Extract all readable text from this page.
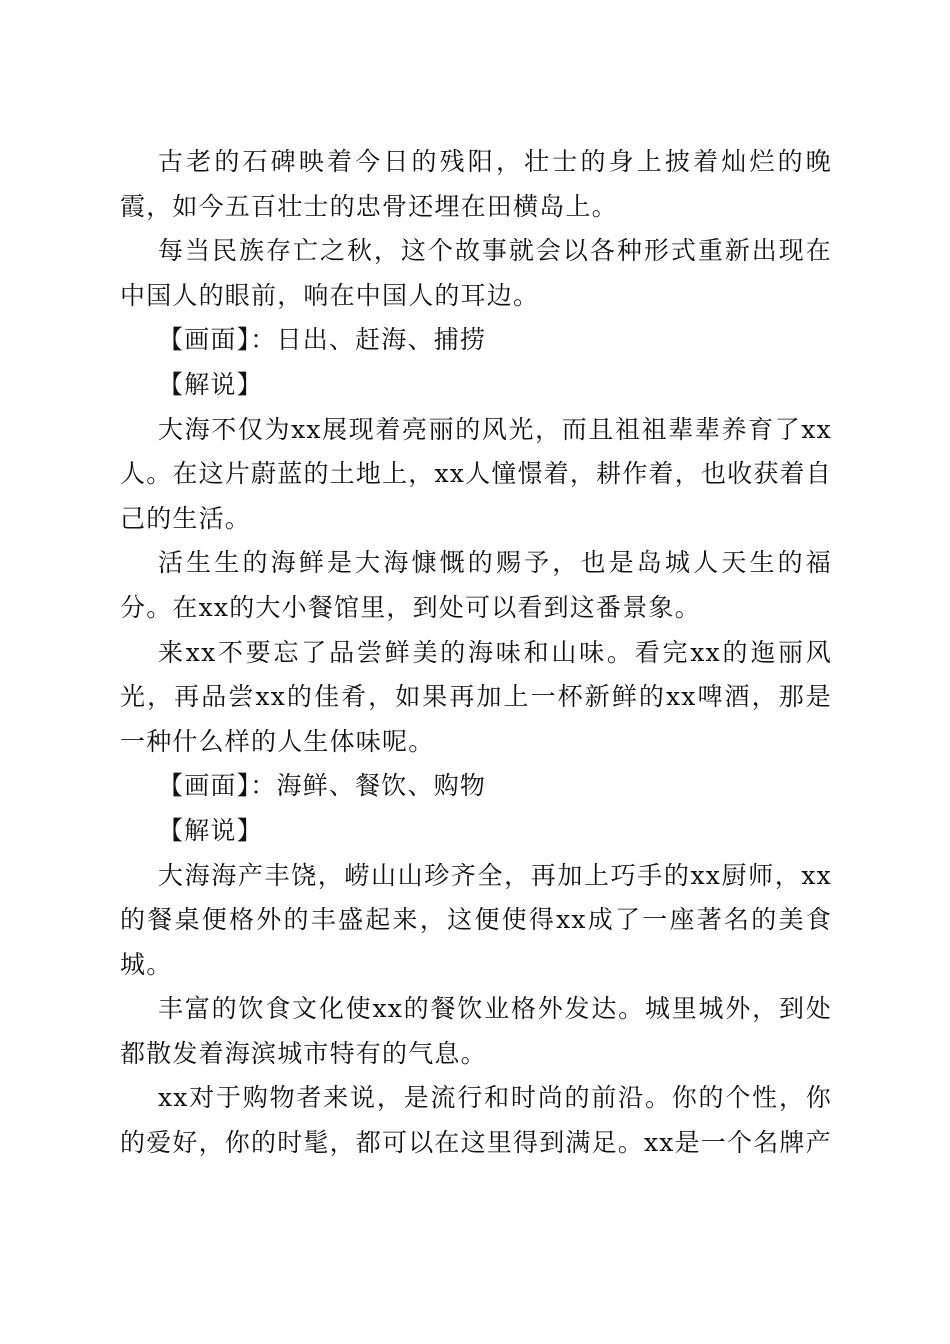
古老的石碑映着今日的残阳，壮士的身上披着灿烂的晚霞，如今五百壮士的忠骨还埋在田横岛上。

每当民族存亡之秋，这个故事就会以各种形式重新出现在中国人的眼前，响在中国人的耳边。

【画面】：日出、赶海、捕捞

【解说】

大海不仅为xx展现着亮丽的风光，而且祖祖辈辈养育了xx人。在这片蔚蓝的土地上，xx人憧憬着，耕作着，也收获着自己的生活。

活生生的海鲜是大海慷慨的赐予，也是岛城人天生的福分。在xx的大小餐馆里，到处可以看到这番景象。

来xx不要忘了品尝鲜美的海味和山味。看完xx的迤丽风光，再品尝xx的佳肴，如果再加上一杯新鲜的xx啤酒，那是一种什么样的人生体味呢。

【画面】：海鲜、餐饮、购物

【解说】

大海海产丰饶，崂山山珍齐全，再加上巧手的xx厨师，xx的餐桌便格外的丰盛起来，这便使得xx成了一座著名的美食城。

丰富的饮食文化使xx的餐饮业格外发达。城里城外，到处都散发着海滨城市特有的气息。

xx对于购物者来说，是流行和时尚的前沿。你的个性，你的爱好，你的时髦，都可以在这里得到满足。xx是一个名牌产
